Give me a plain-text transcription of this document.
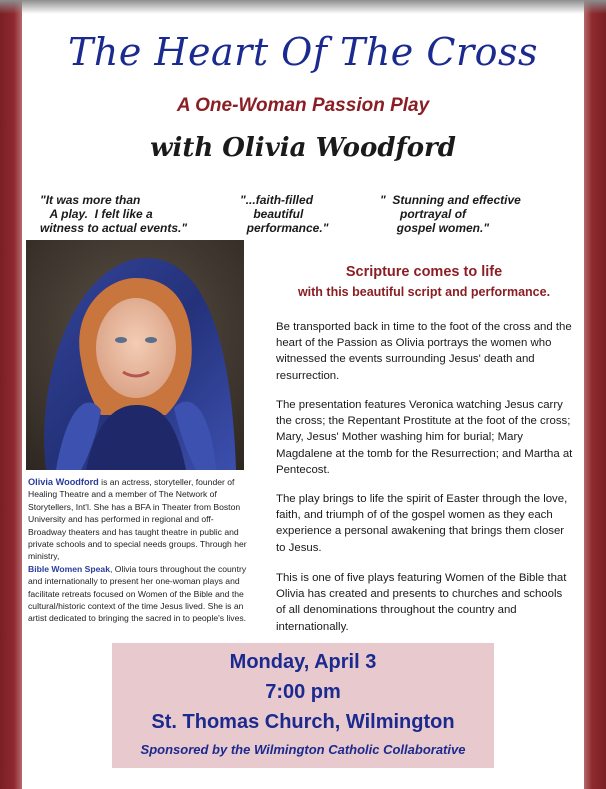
The Heart Of The Cross
A One-Woman Passion Play
with Olivia Woodford
"It was more than
A play.  I felt like a
witness to actual events."
"...faith-filled
beautiful
performance."
"  Stunning and effective
portrayal of
gospel women."
Olivia Woodford is an actress, storyteller, founder of Healing Theatre and a member of The Network of Storytellers, Int'l. She has a BFA in Theater from Boston University and has performed in regional and off-Broadway theaters and has taught theatre in public and private schools and to special needs groups. Through her ministry,
Bible Women Speak, Olivia tours throughout the country and internationally to present her one-woman plays and facilitate retreats focused on Women of the Bible and the cultural/historic context of the time Jesus lived. She is an artist dedicated to bringing the sacred in to people's lives.
Scripture comes to life
with this beautiful script and performance.
Be transported back in time to the foot of the cross and the heart of the Passion as Olivia portrays the women who witnessed the events surrounding Jesus' death and resurrection.
The presentation features Veronica watching Jesus carry the cross; the Repentant Prostitute at the foot of the cross; Mary, Jesus' Mother washing him for burial; Mary Magdalene at the tomb for the Resurrection; and Martha at Pentecost.
The play brings to life the spirit of Easter through the love, faith, and triumph of of the gospel women as they each experience a personal awakening that brings them closer to Jesus.
This is one of five plays featuring Women of the Bible that Olivia has created and presents to churches and schools of all denominations throughout the country and internationally.
Monday, April 3
7:00 pm
St. Thomas Church, Wilmington
Sponsored by the Wilmington Catholic Collaborative
